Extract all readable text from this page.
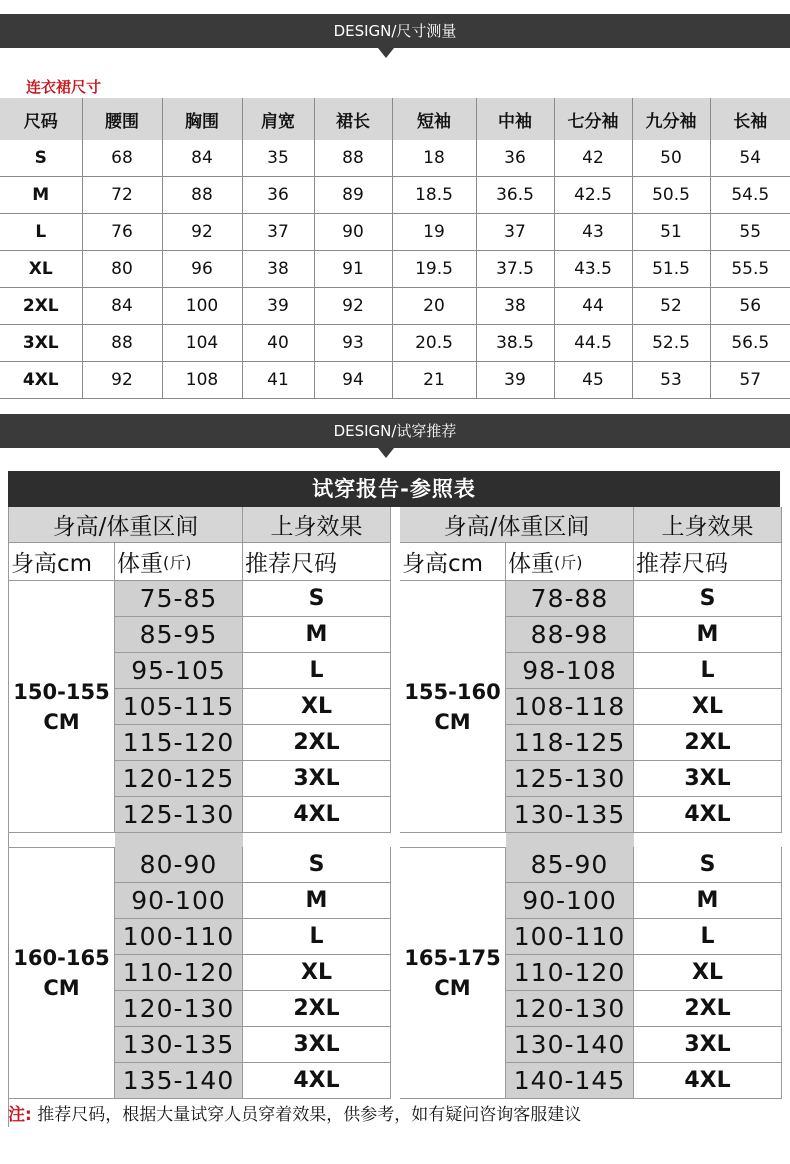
DESIGN/尺寸测量
连衣裙尺寸
尺码	腰围	胸围	肩宽	裙长	短袖	中袖	七分袖	九分袖	长袖
S	68	84	35	88	18	36	42	50	54
M	72	88	36	89	18.5	36.5	42.5	50.5	54.5
L	76	92	37	90	19	37	43	51	55
XL	80	96	38	91	19.5	37.5	43.5	51.5	55.5
2XL	84	100	39	92	20	38	44	52	56
3XL	88	104	40	93	20.5	38.5	44.5	52.5	56.5
4XL	92	108	41	94	21	39	45	53	57
DESIGN/试穿推荐
试穿报告-参照表
身高/体重区间	上身效果
身高cm	体重 (斤) 推荐尺码
身高/体重区间	上身效果
身高cm	体重 (斤) 推荐尺码
150-155
CM
75-85	S
85-95	M
95-105	L
105-115	XL
115-120	2XL
120-125	3XL
125-130	4XL
155-160
CM
78-88	S
88-98	M
98-108	L
108-118	XL
118-125	2XL
125-130	3XL
130-135	4XL
160-165
CM
80-90	S
90-100	M
100-110	L
110-120	XL
120-130	2XL
130-135	3XL
135-140	4XL
165-175
CM
85-90	S
90-100	M
100-110	L
110-120	XL
120-130	2XL
130-140	3XL
140-145	4XL
注: 推荐尺码，根据大量试穿人员穿着效果，供参考，如有疑问咨询客服建议
